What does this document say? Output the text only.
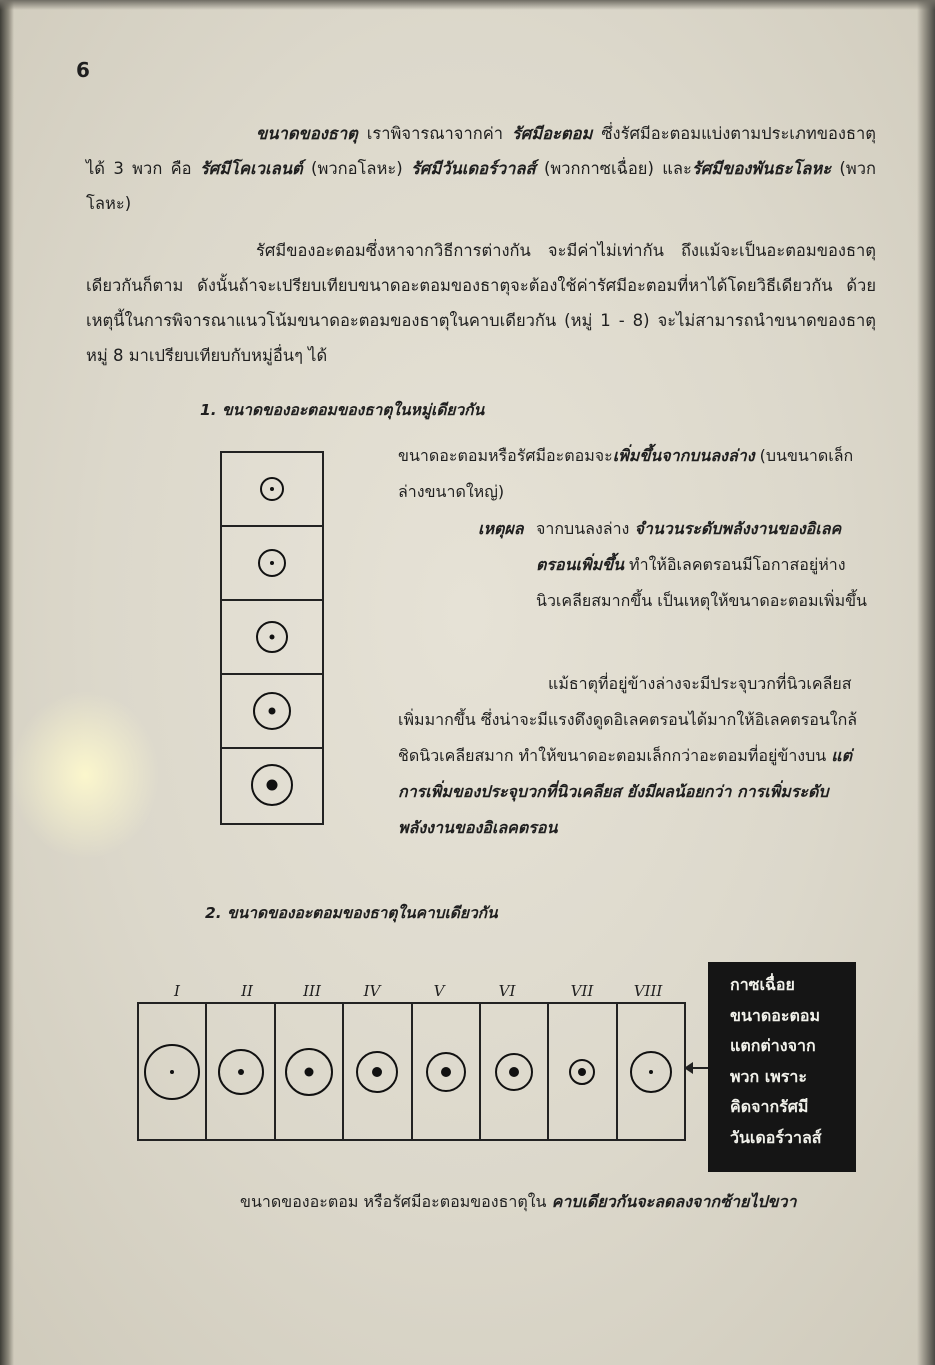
6
ขนาดของธาตุ เราพิจารณาจากค่า รัศมีอะตอม ซึ่งรัศมีอะตอมแบ่งตามประเภทของธาตุได้ 3 พวก คือ รัศมีโคเวเลนต์ (พวกอโลหะ) รัศมีวันเดอร์วาลส์ (พวกกาซเฉื่อย) และรัศมีของพันธะโลหะ (พวกโลหะ)
รัศมีของอะตอมซึ่งหาจากวิธีการต่างกัน จะมีค่าไม่เท่ากัน ถึงแม้จะเป็นอะตอมของธาตุเดียวกันก็ตาม ดังนั้นถ้าจะเปรียบเทียบขนาดอะตอมของธาตุจะต้องใช้ค่ารัศมีอะตอมที่หาได้โดยวิธีเดียวกัน ด้วยเหตุนี้ในการพิจารณาแนวโน้มขนาดอะตอมของธาตุในคาบเดียวกัน (หมู่ 1 - 8) จะไม่สามารถนำขนาดของธาตุหมู่ 8 มาเปรียบเทียบกับหมู่อื่นๆ ได้
1. ขนาดของอะตอมของธาตุในหมู่เดียวกัน
ขนาดอะตอมหรือรัศมีอะตอมจะเพิ่มขึ้นจากบนลงล่าง (บนขนาดเล็ก ล่างขนาดใหญ่)
เหตุผล จากบนลงล่าง จำนวนระดับพลังงานของอิเลคตรอนเพิ่มขึ้น ทำให้อิเลคตรอนมีโอกาสอยู่ห่างนิวเคลียสมากขึ้น เป็นเหตุให้ขนาดอะตอมเพิ่มขึ้น
แม้ธาตุที่อยู่ข้างล่างจะมีประจุบวกที่นิวเคลียสเพิ่มมากขึ้น ซึ่งน่าจะมีแรงดึงดูดอิเลคตรอนได้มากให้อิเลคตรอนใกล้ชิดนิวเคลียสมาก ทำให้ขนาดอะตอมเล็กกว่าอะตอมที่อยู่ข้างบน แต่การเพิ่มของประจุบวกที่นิวเคลียส ยังมีผลน้อยกว่า การเพิ่มระดับพลังงานของอิเลคตรอน
2. ขนาดของอะตอมของธาตุในคาบเดียวกัน
I	II	III	IV	V	VI	VII	VIII	กาซเฉื่อย
ขนาดอะตอม
แตกต่างจาก
พวก เพราะ
คิดจากรัศมี
วันเดอร์วาลส์
ขนาดของอะตอม หรือรัศมีอะตอมของธาตุใน คาบเดียวกันจะลดลงจากซ้ายไปขวา
